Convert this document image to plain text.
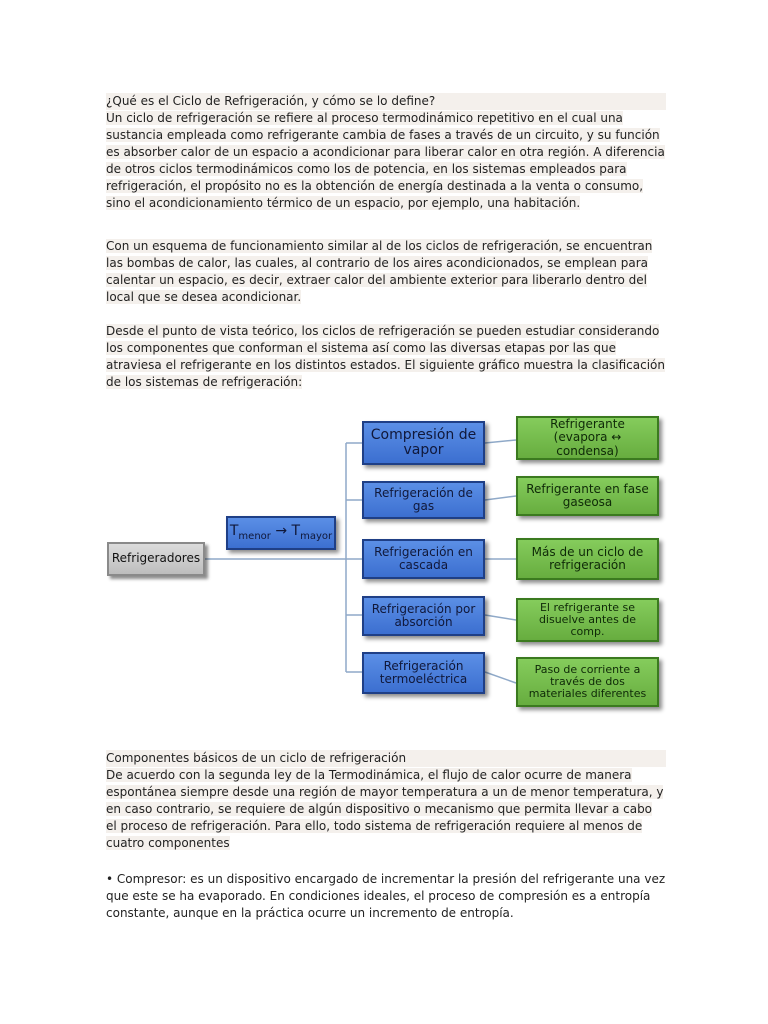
¿Qué es el Ciclo de Refrigeración, y cómo se lo define?
Un ciclo de refrigeración se refiere al proceso termodinámico repetitivo en el cual una sustancia empleada como refrigerante cambia de fases a través de un circuito, y su función es absorber calor de un espacio a acondicionar para liberar calor en otra región. A diferencia de otros ciclos termodinámicos como los de potencia, en los sistemas empleados para refrigeración, el propósito no es la obtención de energía destinada a la venta o consumo, sino el acondicionamiento térmico de un espacio, por ejemplo, una habitación.
Con un esquema de funcionamiento similar al de los ciclos de refrigeración, se encuentran las bombas de calor, las cuales, al contrario de los aires acondicionados, se emplean para calentar un espacio, es decir, extraer calor del ambiente exterior para liberarlo dentro del local que se desea acondicionar.
Desde el punto de vista teórico, los ciclos de refrigeración se pueden estudiar considerando los componentes que conforman el sistema así como las diversas etapas por las que atraviesa el refrigerante en los distintos estados. El siguiente gráfico muestra la clasificación de los sistemas de refrigeración:
Refrigeradores
$T_{menor} \to T_{mayor}$
Compresión de vapor
Refrigeración de gas
Refrigeración en cascada
Refrigeración por absorción
Refrigeración termoeléctrica
Refrigerante (evapora ↔ condensa)
Refrigerante en fase gaseosa
Más de un ciclo de refrigeración
El refrigerante se disuelve antes de comp.
Paso de corriente a través de dos materiales diferentes
Componentes básicos de un ciclo de refrigeración
De acuerdo con la segunda ley de la Termodinámica, el flujo de calor ocurre de manera espontánea siempre desde una región de mayor temperatura a un de menor temperatura, y en caso contrario, se requiere de algún dispositivo o mecanismo que permita llevar a cabo el proceso de refrigeración. Para ello, todo sistema de refrigeración requiere al menos de cuatro componentes
• Compresor: es un dispositivo encargado de incrementar la presión del refrigerante una vez que este se ha evaporado. En condiciones ideales, el proceso de compresión es a entropía constante, aunque en la práctica ocurre un incremento de entropía.
